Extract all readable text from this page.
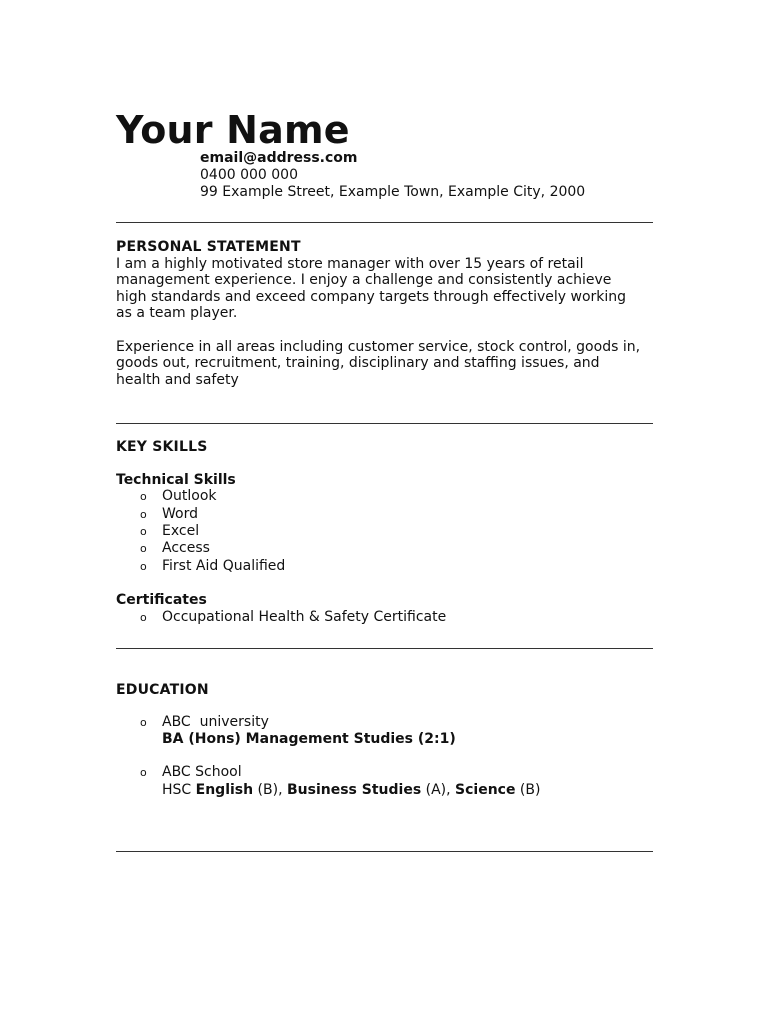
Your Name
email@address.com
0400 000 000
99 Example Street, Example Town, Example City, 2000
PERSONAL STATEMENT
I am a highly motivated store manager with over 15 years of retail
management experience. I enjoy a challenge and consistently achieve
high standards and exceed company targets through effectively working
as a team player.
Experience in all areas including customer service, stock control, goods in,
goods out, recruitment, training, disciplinary and staffing issues, and
health and safety
KEY SKILLS
Technical Skills
o Outlook
o Word
o Excel
o Access
o First Aid Qualified
Certificates
o Occupational Health & Safety Certificate
EDUCATION
o ABC  university
BA (Hons) Management Studies (2:1)
o ABC School
HSC English (B), Business Studies (A), Science (B)
